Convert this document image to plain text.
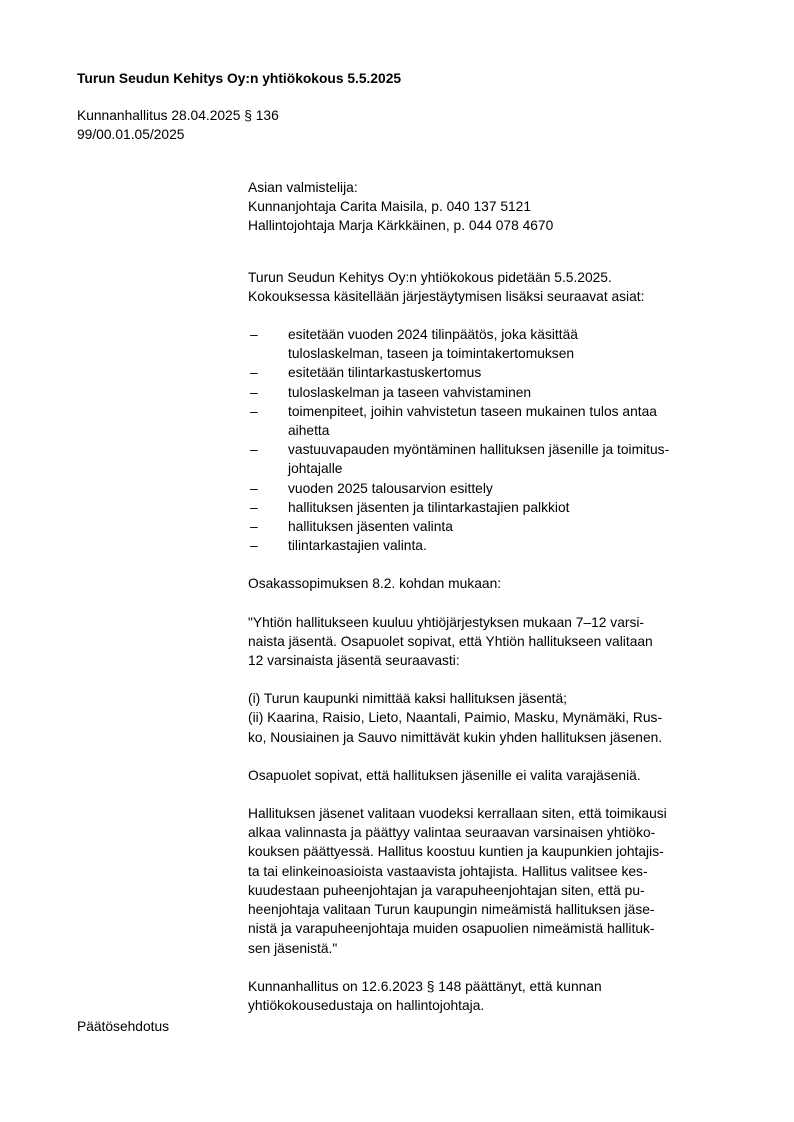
Turun Seudun Kehitys Oy:n yhtiökokous 5.5.2025
Kunnanhallitus 28.04.2025 § 136
99/00.01.05/2025
Asian valmistelija:
Kunnanjohtaja Carita Maisila, p. 040 137 5121
Hallintojohtaja Marja Kärkkäinen, p. 044 078 4670
Turun Seudun Kehitys Oy:n yhtiökokous pidetään 5.5.2025.
Kokouksessa käsitellään järjestäytymisen lisäksi seuraavat asiat:
– esitetään vuoden 2024 tilinpäätös, joka käsittää
tuloslaskelman, taseen ja toimintakertomuksen
– esitetään tilintarkastuskertomus
– tuloslaskelman ja taseen vahvistaminen
– toimenpiteet, joihin vahvistetun taseen mukainen tulos antaa
aihetta
– vastuuvapauden myöntäminen hallituksen jäsenille ja toimitus-
johtajalle
– vuoden 2025 talousarvion esittely
– hallituksen jäsenten ja tilintarkastajien palkkiot
– hallituksen jäsenten valinta
– tilintarkastajien valinta.

Osakassopimuksen 8.2. kohdan mukaan:

"Yhtiön hallitukseen kuuluu yhtiöjärjestyksen mukaan 7–12 varsi-
naista jäsentä. Osapuolet sopivat, että Yhtiön hallitukseen valitaan
12 varsinaista jäsentä seuraavasti:
(i) Turun kaupunki nimittää kaksi hallituksen jäsentä;
(ii) Kaarina, Raisio, Lieto, Naantali, Paimio, Masku, Mynämäki, Rus-
ko, Nousiainen ja Sauvo nimittävät kukin yhden hallituksen jäsenen.
Osapuolet sopivat, että hallituksen jäsenille ei valita varajäseniä.
Hallituksen jäsenet valitaan vuodeksi kerrallaan siten, että toimikausi
alkaa valinnasta ja päättyy valintaa seuraavan varsinaisen yhtiöko-
kouksen päättyessä. Hallitus koostuu kuntien ja kaupunkien johtajis-
ta tai elinkeinoasioista vastaavista johtajista. Hallitus valitsee kes-
kuudestaan puheenjohtajan ja varapuheenjohtajan siten, että pu-
heenjohtaja valitaan Turun kaupungin nimeämistä hallituksen jäse-
nistä ja varapuheenjohtaja muiden osapuolien nimeämistä hallituk-
sen jäsenistä."
Kunnanhallitus on 12.6.2023 § 148 päättänyt, että kunnan
yhtiökokousedustaja on hallintojohtaja.
Päätösehdotus
